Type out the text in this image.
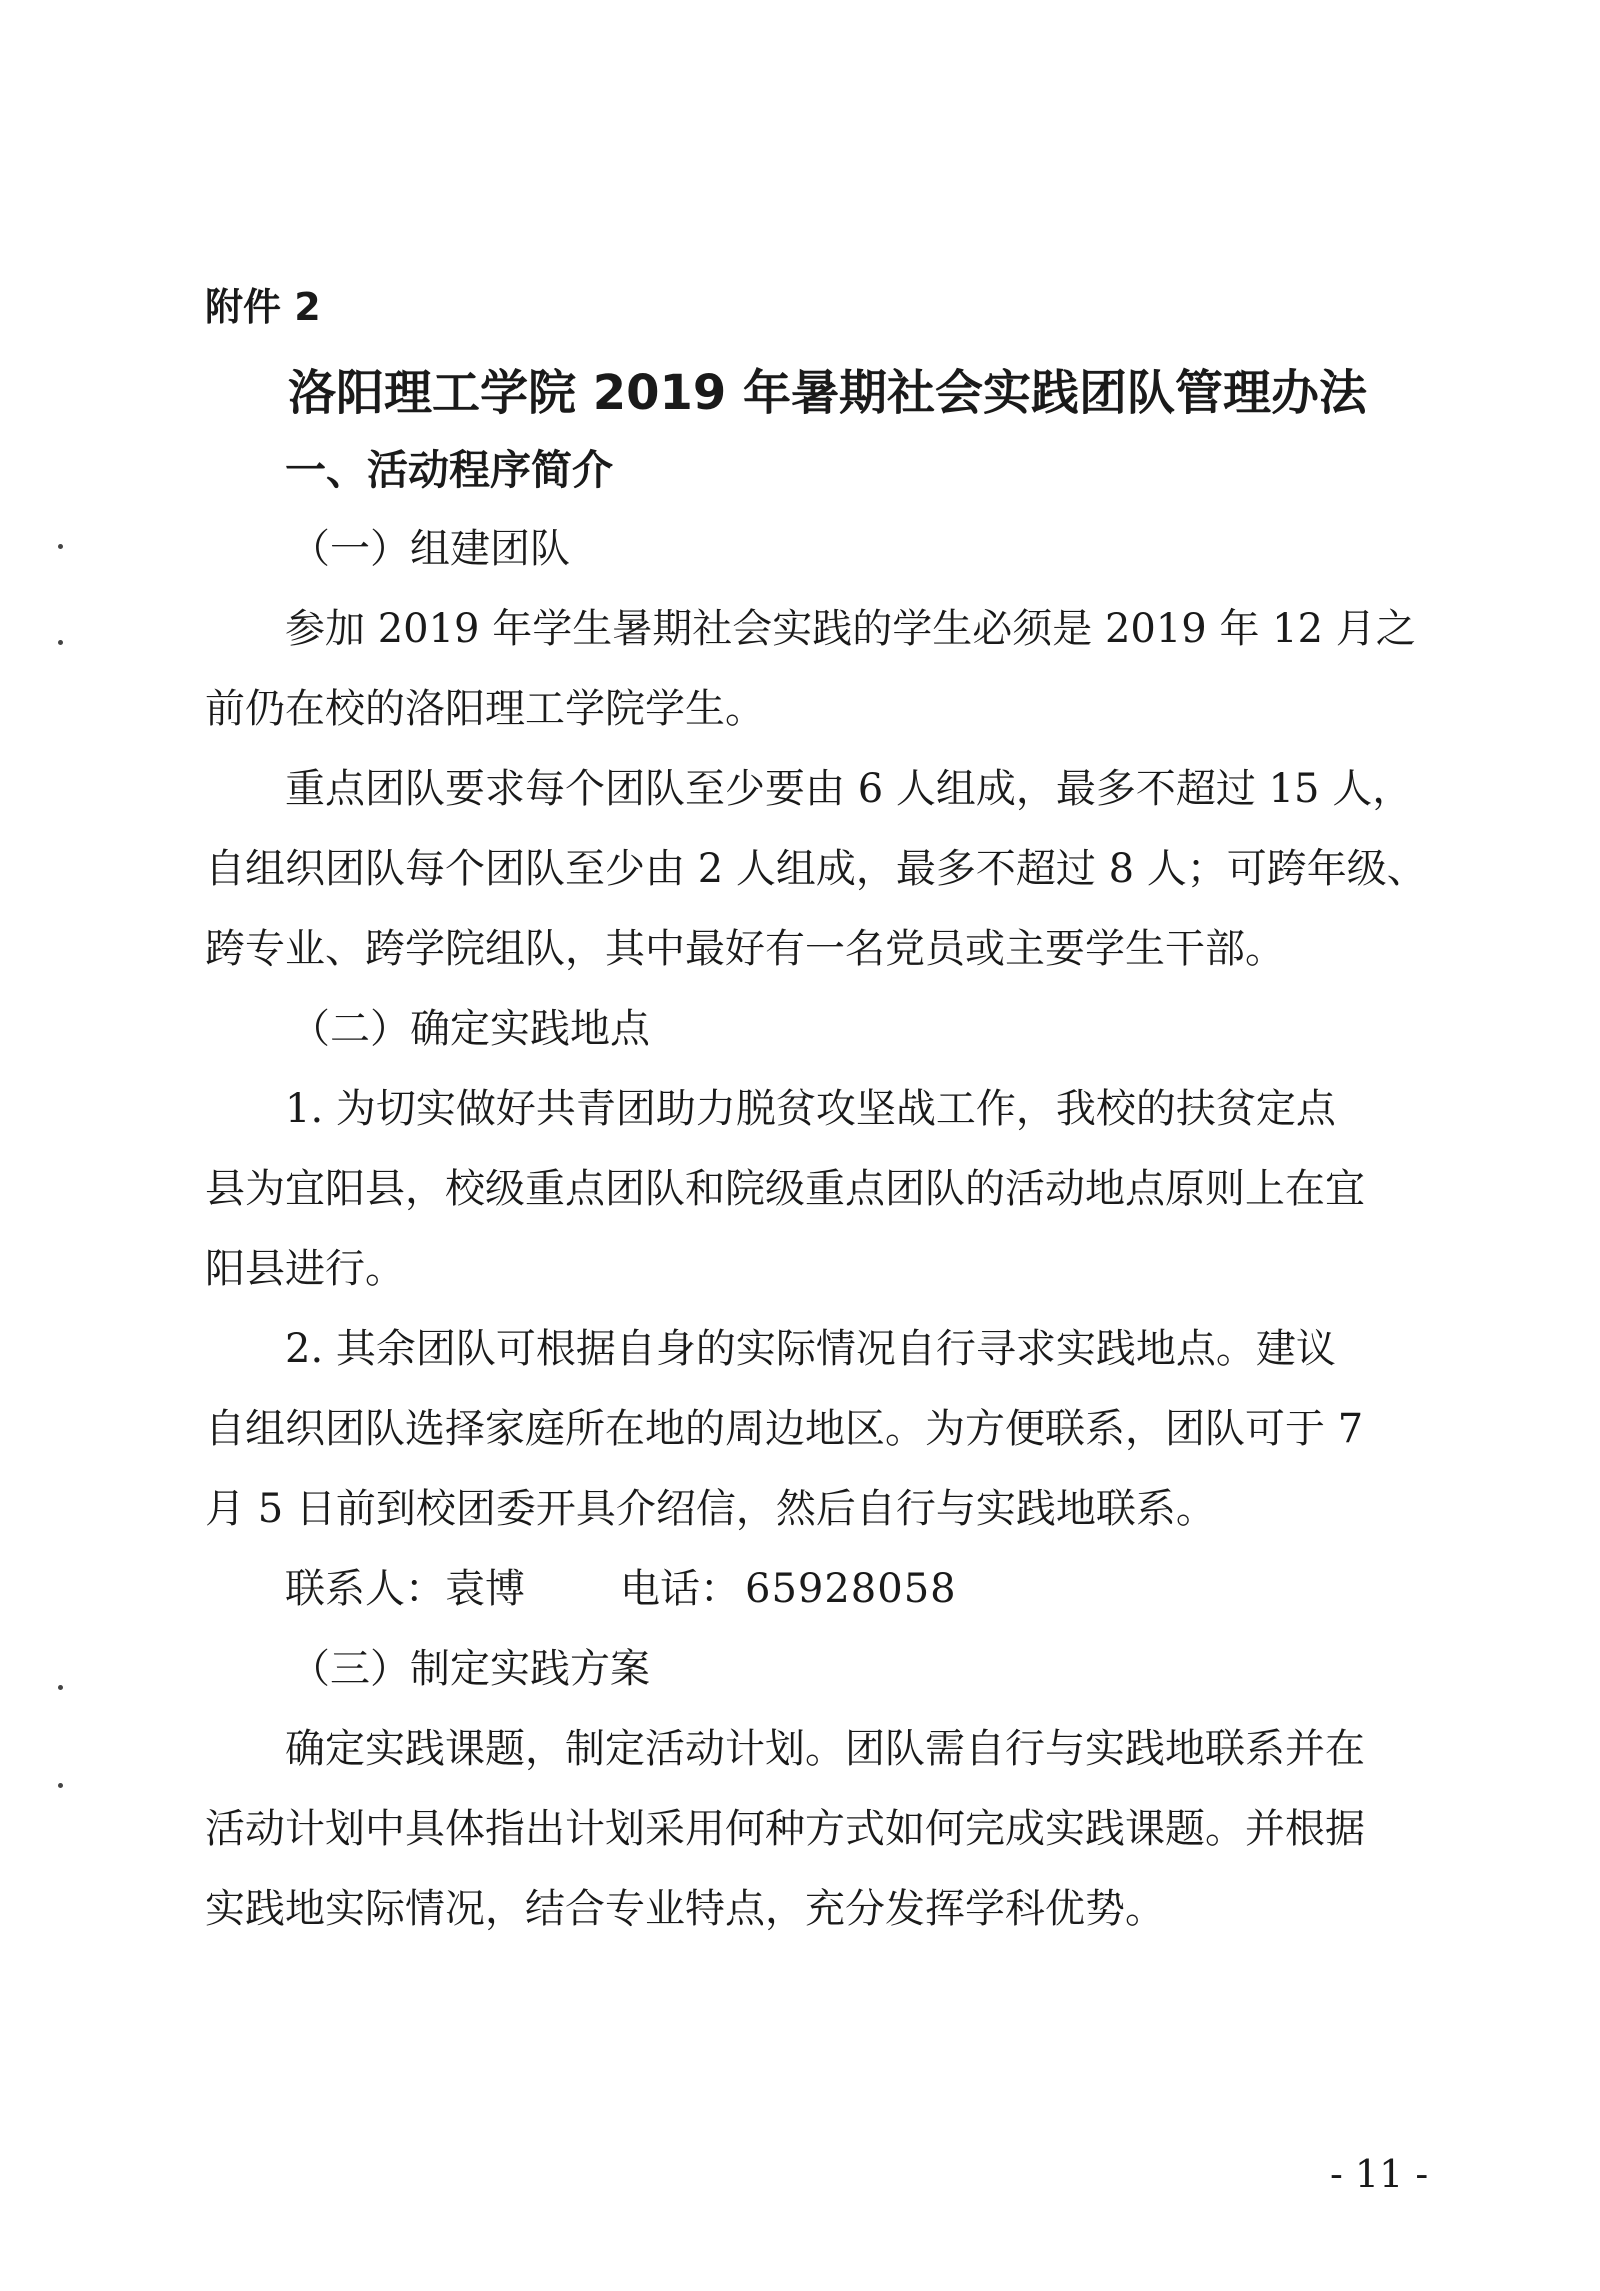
附件 2
洛阳理工学院 2019 年暑期社会实践团队管理办法
一、活动程序简介
（一）组建团队
参加 2019 年学生暑期社会实践的学生必须是 2019 年 12 月之
前仍在校的洛阳理工学院学生。
重点团队要求每个团队至少要由 6 人组成，最多不超过 15 人，
自组织团队每个团队至少由 2 人组成，最多不超过 8 人；可跨年级、
跨专业、跨学院组队，其中最好有一名党员或主要学生干部。
（二）确定实践地点
1. 为切实做好共青团助力脱贫攻坚战工作，我校的扶贫定点
县为宜阳县，校级重点团队和院级重点团队的活动地点原则上在宜
阳县进行。
2. 其余团队可根据自身的实际情况自行寻求实践地点。建议
自组织团队选择家庭所在地的周边地区。为方便联系，团队可于 7
月 5 日前到校团委开具介绍信，然后自行与实践地联系。
联系人：袁博 电话： 65928058
（三）制定实践方案
确定实践课题，制定活动计划。团队需自行与实践地联系并在
活动计划中具体指出计划采用何种方式如何完成实践课题。并根据
实践地实际情况，结合专业特点，充分发挥学科优势。
- 11 -
